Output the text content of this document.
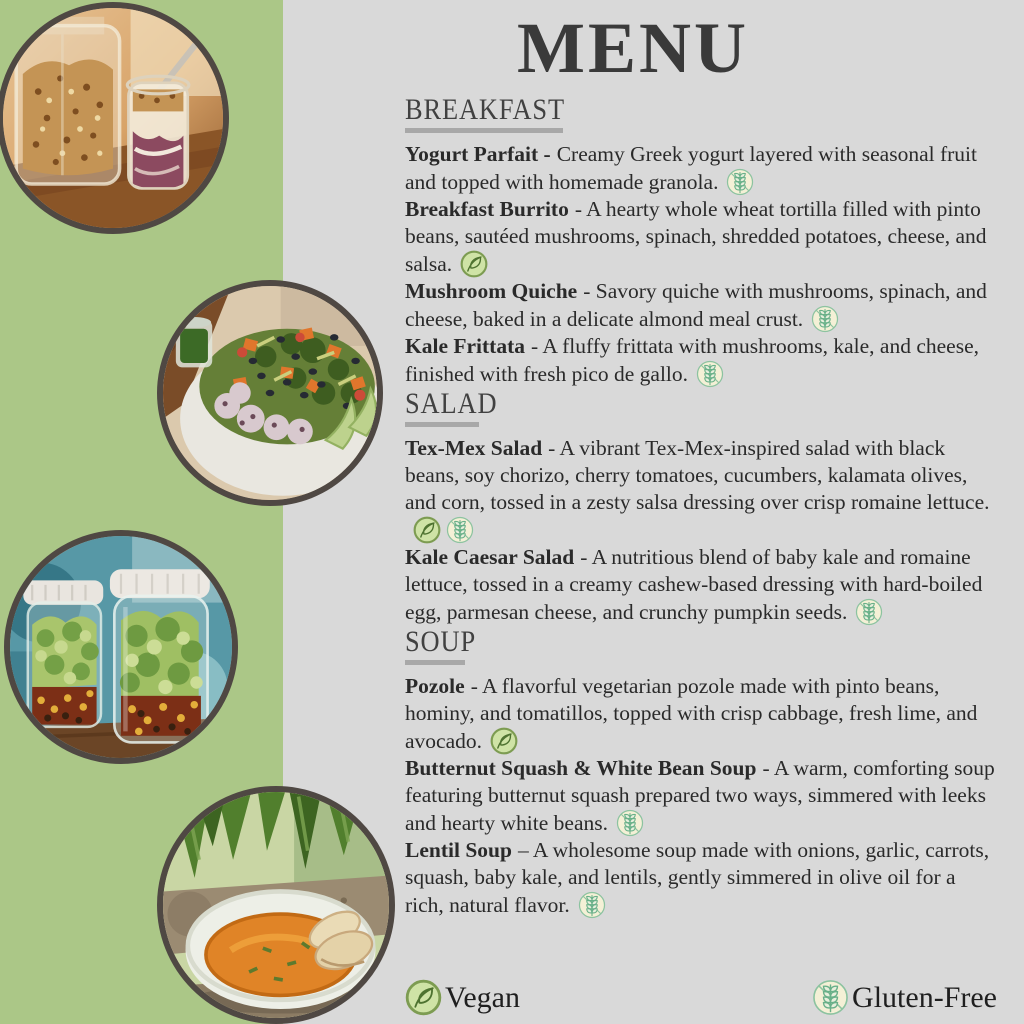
MENU
BREAKFAST

Yogurt Parfait - Creamy Greek yogurt layered with seasonal fruit and topped with homemade granola.

Breakfast Burrito - A hearty whole wheat tortilla filled with pinto beans, sautéed mushrooms, spinach, shredded potatoes, cheese, and salsa.

Mushroom Quiche - Savory quiche with mushrooms, spinach, and cheese, baked in a delicate almond meal crust.

Kale Frittata - A fluffy frittata with mushrooms, kale, and cheese, finished with fresh pico de gallo.

SALAD

Tex-Mex Salad - A vibrant Tex-Mex-inspired salad with black beans, soy chorizo, cherry tomatoes, cucumbers, kalamata olives, and corn, tossed in a zesty salsa dressing over crisp romaine lettuce.

Kale Caesar Salad - A nutritious blend of baby kale and romaine lettuce, tossed in a creamy cashew-based dressing with hard-boiled egg, parmesan cheese, and crunchy pumpkin seeds.

SOUP

Pozole - A flavorful vegetarian pozole made with pinto beans, hominy, and tomatillos, topped with crisp cabbage, fresh lime, and avocado.

Butternut Squash & White Bean Soup - A warm, comforting soup featuring butternut squash prepared two ways, simmered with leeks and hearty white beans.

Lentil Soup – A wholesome soup made with onions, garlic, carrots, squash, baby kale, and lentils, gently simmered in olive oil for a rich, natural flavor.

Vegan	Gluten-Free
